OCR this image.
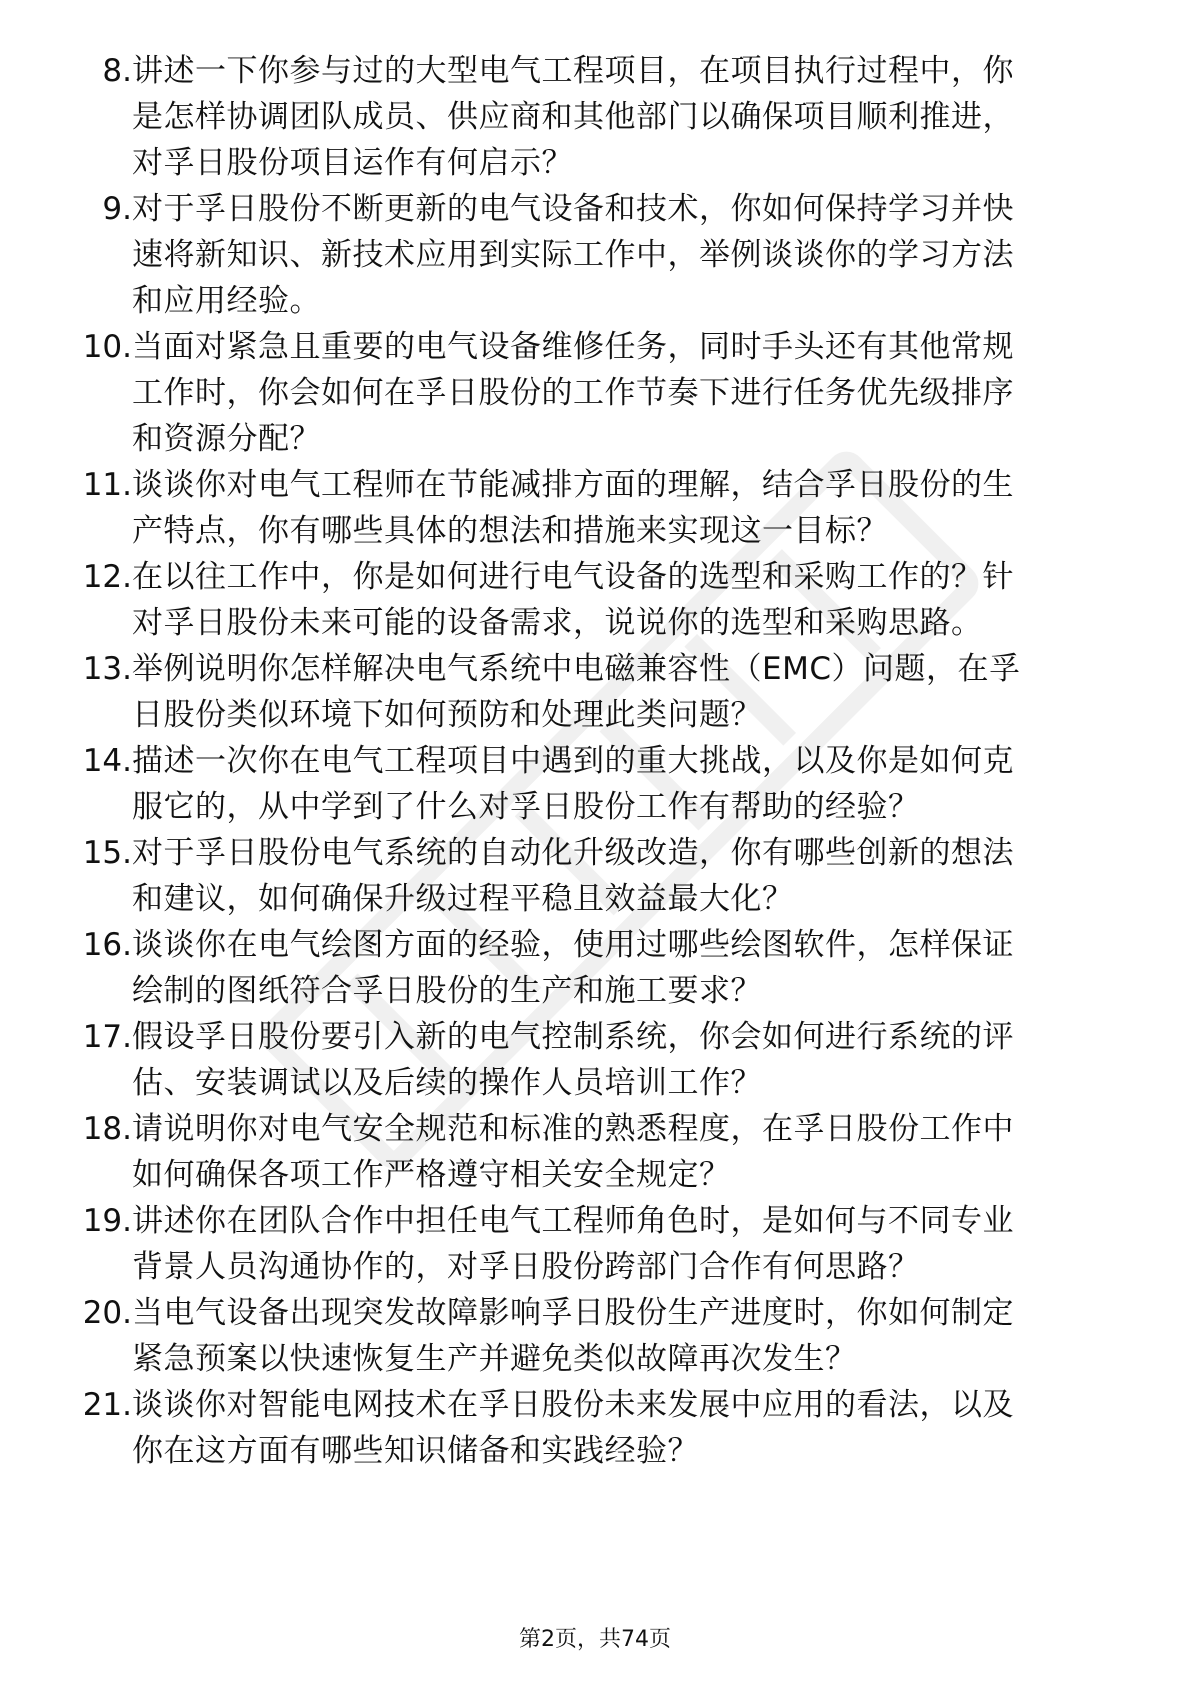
8. 讲述一下你参与过的大型电气工程项目，在项目执行过程中，你
是怎样协调团队成员、供应商和其他部门以确保项目顺利推进，
对孚日股份项目运作有何启示？
9. 对于孚日股份不断更新的电气设备和技术，你如何保持学习并快
速将新知识、新技术应用到实际工作中，举例谈谈你的学习方法
和应用经验。
10. 当面对紧急且重要的电气设备维修任务，同时手头还有其他常规
工作时，你会如何在孚日股份的工作节奏下进行任务优先级排序
和资源分配？
11. 谈谈你对电气工程师在节能减排方面的理解，结合孚日股份的生
产特点，你有哪些具体的想法和措施来实现这一目标？
12. 在以往工作中，你是如何进行电气设备的选型和采购工作的？针
对孚日股份未来可能的设备需求，说说你的选型和采购思路。
13. 举例说明你怎样解决电气系统中电磁兼容性（EMC）问题，在孚
日股份类似环境下如何预防和处理此类问题？
14. 描述一次你在电气工程项目中遇到的重大挑战，以及你是如何克
服它的，从中学到了什么对孚日股份工作有帮助的经验？
15. 对于孚日股份电气系统的自动化升级改造，你有哪些创新的想法
和建议，如何确保升级过程平稳且效益最大化？
16. 谈谈你在电气绘图方面的经验，使用过哪些绘图软件，怎样保证
绘制的图纸符合孚日股份的生产和施工要求？
17. 假设孚日股份要引入新的电气控制系统，你会如何进行系统的评
估、安装调试以及后续的操作人员培训工作？
18. 请说明你对电气安全规范和标准的熟悉程度，在孚日股份工作中
如何确保各项工作严格遵守相关安全规定？
19. 讲述你在团队合作中担任电气工程师角色时，是如何与不同专业
背景人员沟通协作的，对孚日股份跨部门合作有何思路？
20. 当电气设备出现突发故障影响孚日股份生产进度时，你如何制定
紧急预案以快速恢复生产并避免类似故障再次发生？
21. 谈谈你对智能电网技术在孚日股份未来发展中应用的看法，以及
你在这方面有哪些知识储备和实践经验？
第2页，共74页
